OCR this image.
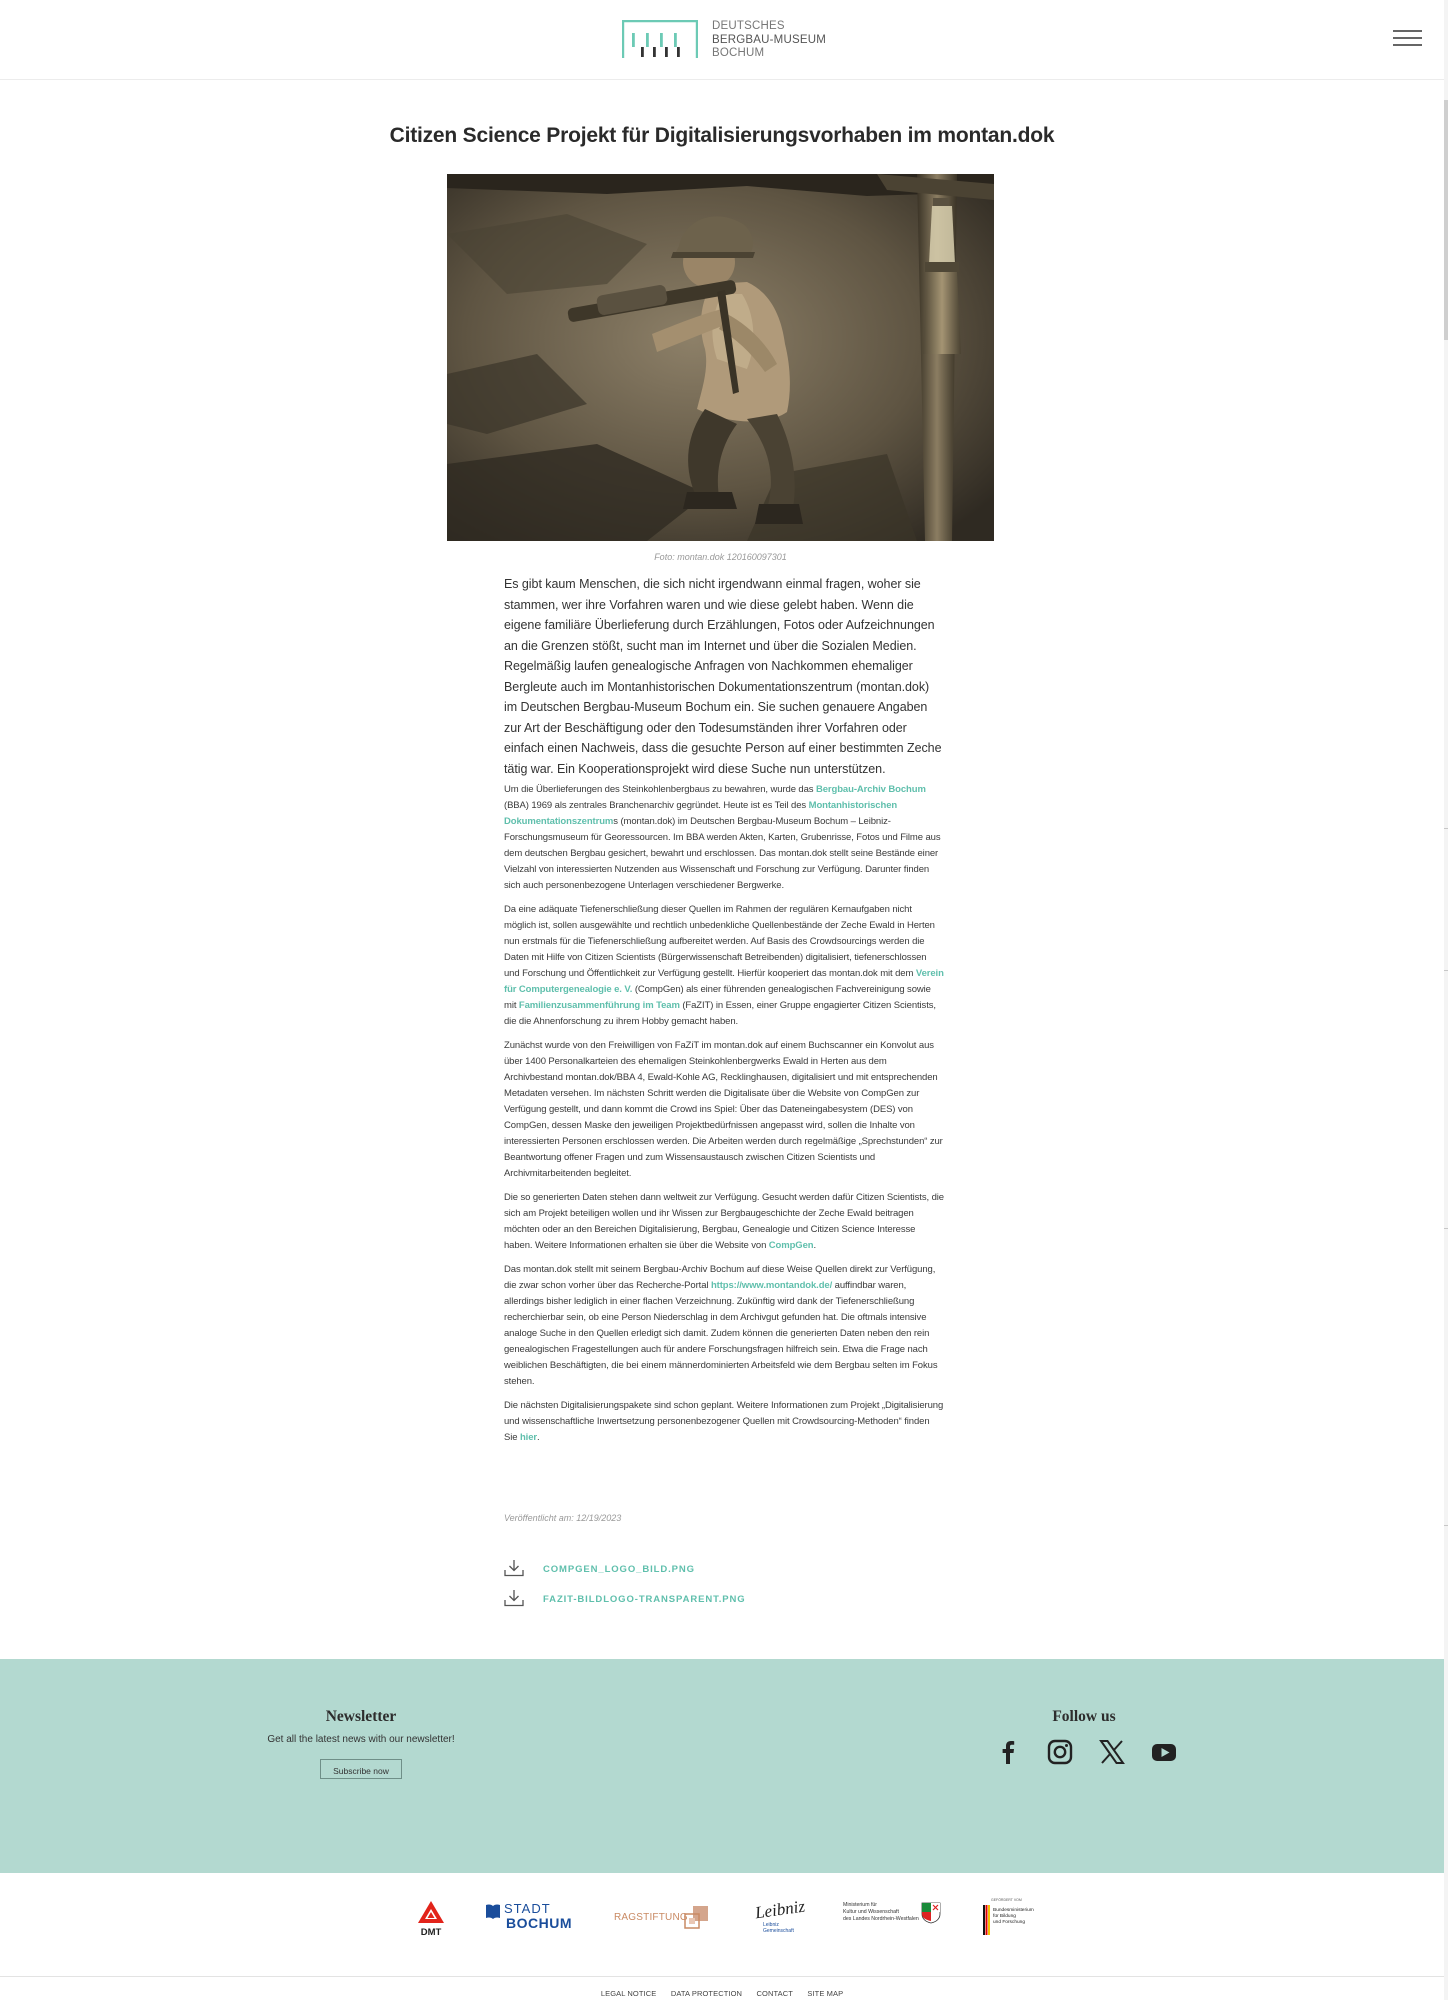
DEUTSCHES
BERGBAU-MUSEUM
BOCHUM
Citizen Science Projekt für Digitalisierungsvorhaben im montan.dok
Foto: montan.dok 120160097301

Es gibt kaum Menschen, die sich nicht irgendwann einmal fragen, woher sie stammen, wer ihre Vorfahren waren und wie diese gelebt haben. Wenn die eigene familiäre Überlieferung durch Erzählungen, Fotos oder Aufzeichnungen an die Grenzen stößt, sucht man im Internet und über die Sozialen Medien. Regelmäßig laufen genealogische Anfragen von Nachkommen ehemaliger Bergleute auch im Montanhistorischen Dokumentationszentrum (montan.dok) im Deutschen Bergbau-Museum Bochum ein. Sie suchen genauere Angaben zur Art der Beschäftigung oder den Todesumständen ihrer Vorfahren oder einfach einen Nachweis, dass die gesuchte Person auf einer bestimmten Zeche tätig war. Ein Kooperationsprojekt wird diese Suche nun unterstützen.

Um die Überlieferungen des Steinkohlenbergbaus zu bewahren, wurde das Bergbau-Archiv Bochum (BBA) 1969 als zentrales Branchenarchiv gegründet. Heute ist es Teil des Montanhistorischen Dokumentationszentrums (montan.dok) im Deutschen Bergbau-Museum Bochum – Leibniz-Forschungsmuseum für Georessourcen. Im BBA werden Akten, Karten, Grubenrisse, Fotos und Filme aus dem deutschen Bergbau gesichert, bewahrt und erschlossen. Das montan.dok stellt seine Bestände einer Vielzahl von interessierten Nutzenden aus Wissenschaft und Forschung zur Verfügung. Darunter finden sich auch personenbezogene Unterlagen verschiedener Bergwerke.

Da eine adäquate Tiefenerschließung dieser Quellen im Rahmen der regulären Kernaufgaben nicht möglich ist, sollen ausgewählte und rechtlich unbedenkliche Quellenbestände der Zeche Ewald in Herten nun erstmals für die Tiefenerschließung aufbereitet werden. Auf Basis des Crowdsourcings werden die Daten mit Hilfe von Citizen Scientists (Bürgerwissenschaft Betreibenden) digitalisiert, tiefenerschlossen und Forschung und Öffentlichkeit zur Verfügung gestellt. Hierfür kooperiert das montan.dok mit dem Verein für Computergenealogie e. V. (CompGen) als einer führenden genealogischen Fachvereinigung sowie mit Familienzusammenführung im Team (FaZIT) in Essen, einer Gruppe engagierter Citizen Scientists, die die Ahnenforschung zu ihrem Hobby gemacht haben.

Zunächst wurde von den Freiwilligen von FaZiT im montan.dok auf einem Buchscanner ein Konvolut aus über 1400 Personalkarteien des ehemaligen Steinkohlenbergwerks Ewald in Herten aus dem Archivbestand montan.dok/BBA 4, Ewald-Kohle AG, Recklinghausen, digitalisiert und mit entsprechenden Metadaten versehen. Im nächsten Schritt werden die Digitalisate über die Website von CompGen zur Verfügung gestellt, und dann kommt die Crowd ins Spiel: Über das Dateneingabesystem (DES) von CompGen, dessen Maske den jeweiligen Projektbedürfnissen angepasst wird, sollen die Inhalte von interessierten Personen erschlossen werden. Die Arbeiten werden durch regelmäßige „Sprechstunden“ zur Beantwortung offener Fragen und zum Wissensaustausch zwischen Citizen Scientists und Archivmitarbeitenden begleitet.

Die so generierten Daten stehen dann weltweit zur Verfügung. Gesucht werden dafür Citizen Scientists, die sich am Projekt beteiligen wollen und ihr Wissen zur Bergbaugeschichte der Zeche Ewald beitragen möchten oder an den Bereichen Digitalisierung, Bergbau, Genealogie und Citizen Science Interesse haben. Weitere Informationen erhalten sie über die Website von CompGen.

Das montan.dok stellt mit seinem Bergbau-Archiv Bochum auf diese Weise Quellen direkt zur Verfügung, die zwar schon vorher über das Recherche-Portal https://www.montandok.de/ auffindbar waren, allerdings bisher lediglich in einer flachen Verzeichnung. Zukünftig wird dank der Tiefenerschließung recherchierbar sein, ob eine Person Niederschlag in dem Archivgut gefunden hat. Die oftmals intensive analoge Suche in den Quellen erledigt sich damit. Zudem können die generierten Daten neben den rein genealogischen Fragestellungen auch für andere Forschungsfragen hilfreich sein. Etwa die Frage nach weiblichen Beschäftigten, die bei einem männerdominierten Arbeitsfeld wie dem Bergbau selten im Fokus stehen.

Die nächsten Digitalisierungspakete sind schon geplant. Weitere Informationen zum Projekt „Digitalisierung und wissenschaftliche Inwertsetzung personenbezogener Quellen mit Crowdsourcing-Methoden“ finden Sie hier.

Veröffentlicht am: 12/19/2023
COMPGEN_LOGO_BILD.PNG
FAZIT-BILDLOGO-TRANSPARENT.PNG
Newsletter
Get all the latest news with our newsletter!
Subscribe now
Follow us
DMT
STADT
BOCHUM	RAGSTIFTUNG	Leibniz
Leibniz
Gemeinschaft
Ministerium für
Kultur und Wissenschaft
des Landes Nordrhein-Westfalen
GEFÖRDERT VOM
Bundesministerium
für Bildung
und Forschung
LEGAL NOTICE DATA PROTECTION CONTACT SITE MAP
